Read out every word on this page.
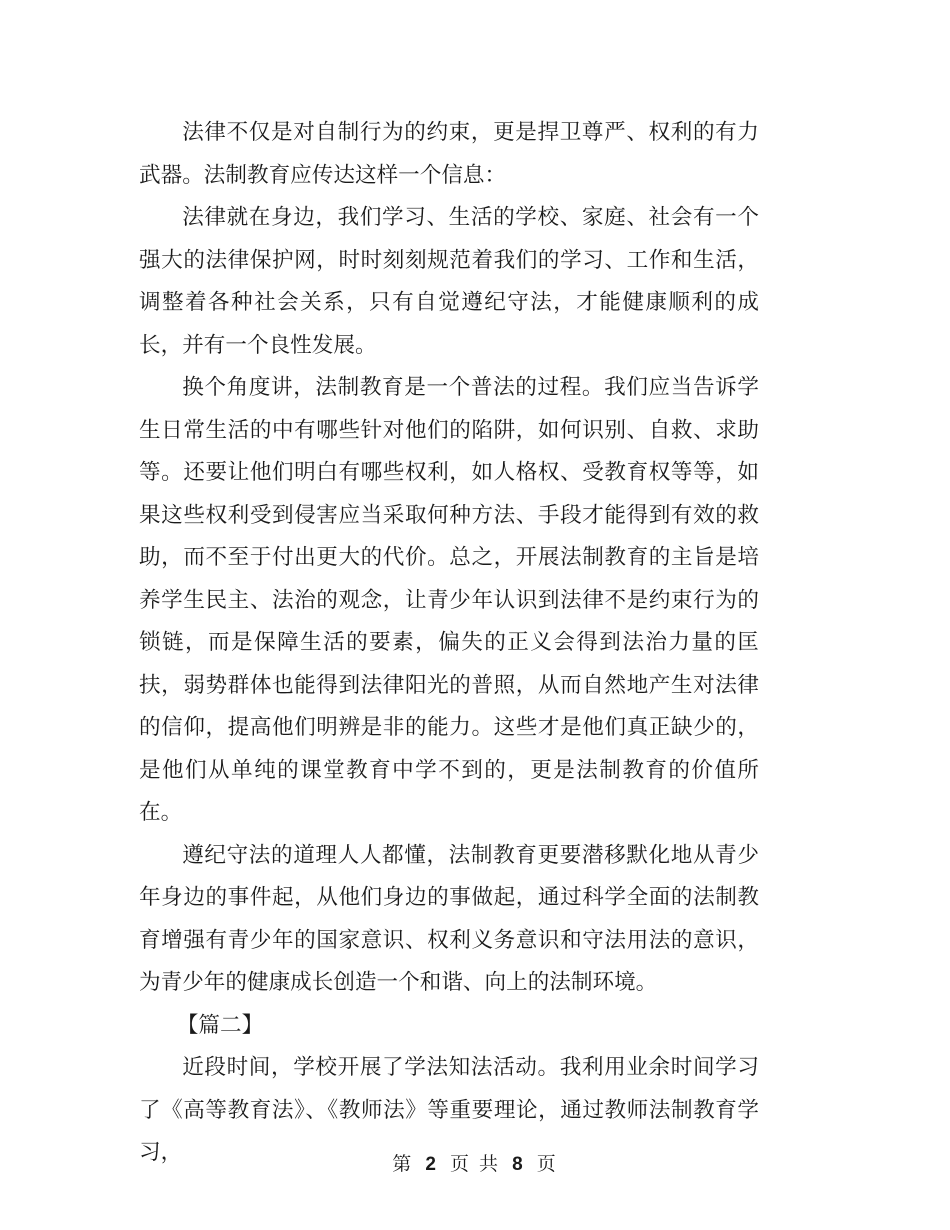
法律不仅是对自制行为的约束，更是捍卫尊严、权利的有力武器。法制教育应传达这样一个信息：

法律就在身边，我们学习、生活的学校、家庭、社会有一个强大的法律保护网，时时刻刻规范着我们的学习、工作和生活，调整着各种社会关系，只有自觉遵纪守法，才能健康顺利的成长，并有一个良性发展。

换个角度讲，法制教育是一个普法的过程。我们应当告诉学生日常生活的中有哪些针对他们的陷阱，如何识别、自救、求助等。还要让他们明白有哪些权利，如人格权、受教育权等等，如果这些权利受到侵害应当采取何种方法、手段才能得到有效的救助，而不至于付出更大的代价。总之，开展法制教育的主旨是培养学生民主、法治的观念，让青少年认识到法律不是约束行为的锁链，而是保障生活的要素，偏失的正义会得到法治力量的匡扶，弱势群体也能得到法律阳光的普照，从而自然地产生对法律的信仰，提高他们明辨是非的能力。这些才是他们真正缺少的，是他们从单纯的课堂教育中学不到的，更是法制教育的价值所在。

遵纪守法的道理人人都懂，法制教育更要潜移默化地从青少年身边的事件起，从他们身边的事做起，通过科学全面的法制教育增强有青少年的国家意识、权利义务意识和守法用法的意识，为青少年的健康成长创造一个和谐、向上的法制环境。

【篇二】

近段时间，学校开展了学法知法活动。我利用业余时间学习了《高等教育法》、《教师法》等重要理论，通过教师法制教育学习，	第 2 页 共 8 页
